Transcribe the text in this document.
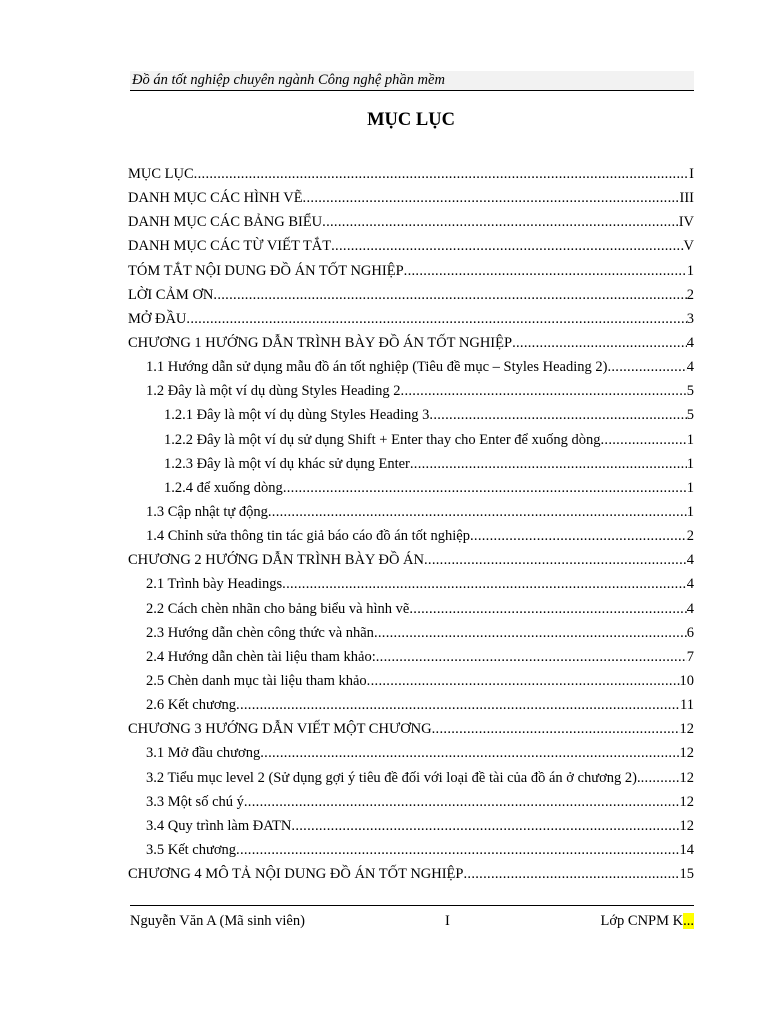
Đồ án tốt nghiệp chuyên ngành Công nghệ phần mềm
MỤC LỤC
MỤC LỤC .....	I
DANH MỤC CÁC HÌNH VẼ .....	III
DANH MỤC CÁC BẢNG BIỂU .....	IV
DANH MỤC CÁC TỪ VIẾT TẮT .....	V
TÓM TẮT NỘI DUNG ĐỒ ÁN TỐT NGHIỆP .....	1
LỜI CẢM ƠN .....	2
MỞ ĐẦU .....	3
CHƯƠNG 1 HƯỚNG DẪN TRÌNH BÀY ĐỒ ÁN TỐT NGHIỆP .....	4
1.1 Hướng dẫn sử dụng mẫu đồ án tốt nghiệp (Tiêu đề mục – Styles Heading 2) .....	4
1.2 Đây là một ví dụ dùng Styles Heading 2 .....	5
1.2.1 Đây là một ví dụ dùng Styles Heading 3 .....	5
1.2.2 Đây là một ví dụ sử dụng Shift + Enter thay cho Enter để xuống dòng .....	1
1.2.3 Đây là một ví dụ khác sử dụng Enter .....	1
1.2.4 để xuống dòng .....	1
1.3 Cập nhật tự động .....	1
1.4 Chỉnh sửa thông tin tác giả báo cáo đồ án tốt nghiệp .....	2
CHƯƠNG 2 HƯỚNG DẪN TRÌNH BÀY ĐỒ ÁN .....	4
2.1 Trình bày Headings .....	4
2.2 Cách chèn nhãn cho bảng biểu và hình vẽ .....	4
2.3 Hướng dẫn chèn công thức và nhãn .....	6
2.4 Hướng dẫn chèn tài liệu tham khảo: .....	7
2.5 Chèn danh mục tài liệu tham khảo .....	10
2.6 Kết chương .....	11
CHƯƠNG 3 HƯỚNG DẪN VIẾT MỘT CHƯƠNG .....	12
3.1 Mở đầu chương .....	12
3.2 Tiểu mục level 2 (Sử dụng gợi ý tiêu đề đối với loại đề tài của đồ án ở chương 2). .....	12
3.3 Một số chú ý .....	12
3.4 Quy trình làm ĐATN .....	12
3.5 Kết chương .....	14
CHƯƠNG 4 MÔ TẢ NỘI DUNG ĐỒ ÁN TỐT NGHIỆP .....	15
Nguyễn Văn A (Mã sinh viên)	I	Lớp CNPM K...
